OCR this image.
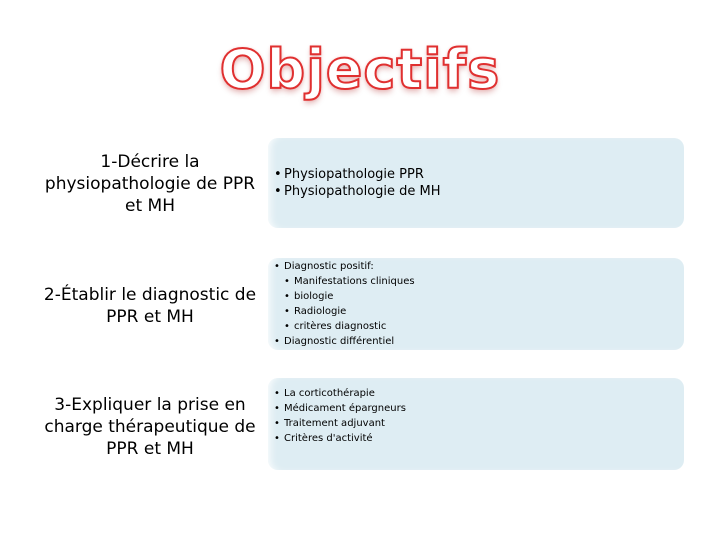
Objectifs
1-Décrire la physiopathologie de PPR et MH
• Physiopathologie PPR
• Physiopathologie de MH
2-Établir le diagnostic de PPR et MH
• Diagnostic positif:
• Manifestations cliniques
• biologie
• Radiologie
• critères diagnostic
• Diagnostic différentiel
3-Expliquer la prise en charge thérapeutique de PPR et MH
• La corticothérapie
• Médicament épargneurs
• Traitement adjuvant
• Critères d'activité
